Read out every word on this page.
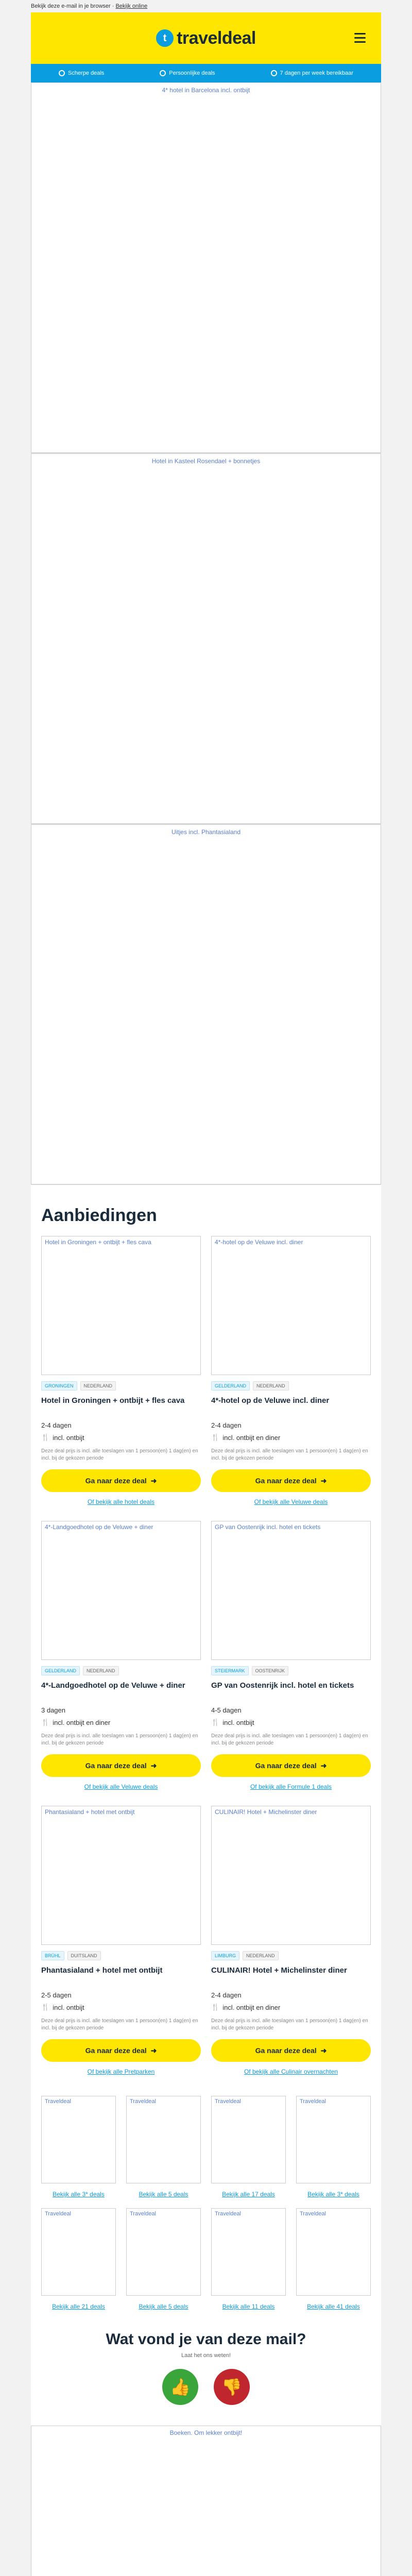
Bekijk deze e-mail in je browser · Bekijk online
t traveldeal
Scherpe deals	Persoonlijke deals	7 dagen per week bereikbaar
4* hotel in Barcelona incl. ontbijt
Hotel in Kasteel Rosendael + bonnetjes
Uitjes incl. Phantasialand
Aanbiedingen
Hotel in Groningen + ontbijt + fles cava
GRONINGEN	NEDERLAND
Hotel in Groningen + ontbijt + fles cava
2-4 dagen
🍴 incl. ontbijt
Deze deal prijs is incl. alle toeslagen van 1 persoon(en) 1 dag(en) en incl. bij de gekozen periode
Ga naar deze deal ➜
Of bekijk alle hotel deals
4*-hotel op de Veluwe incl. diner
GELDERLAND	NEDERLAND
4*-hotel op de Veluwe incl. diner
2-4 dagen
🍴 incl. ontbijt en diner
Deze deal prijs is incl. alle toeslagen van 1 persoon(en) 1 dag(en) en incl. bij de gekozen periode
Ga naar deze deal ➜
Of bekijk alle Veluwe deals
4*-Landgoedhotel op de Veluwe + diner
GELDERLAND	NEDERLAND
4*-Landgoedhotel op de Veluwe + diner
3 dagen
🍴 incl. ontbijt en diner
Deze deal prijs is incl. alle toeslagen van 1 persoon(en) 1 dag(en) en incl. bij de gekozen periode
Ga naar deze deal ➜
Of bekijk alle Veluwe deals
GP van Oostenrijk incl. hotel en tickets
STEIERMARK	OOSTENRIJK
GP van Oostenrijk incl. hotel en tickets
4-5 dagen
🍴 incl. ontbijt
Deze deal prijs is incl. alle toeslagen van 1 persoon(en) 1 dag(en) en incl. bij de gekozen periode
Ga naar deze deal ➜
Of bekijk alle Formule 1 deals
Phantasialand + hotel met ontbijt
BRÜHL	DUITSLAND
Phantasialand + hotel met ontbijt
2-5 dagen
🍴 incl. ontbijt
Deze deal prijs is incl. alle toeslagen van 1 persoon(en) 1 dag(en) en incl. bij de gekozen periode
Ga naar deze deal ➜
Of bekijk alle Pretparken
CULINAIR! Hotel + Michelinster diner
LIMBURG	NEDERLAND
CULINAIR! Hotel + Michelinster diner
2-4 dagen
🍴 incl. ontbijt en diner
Deze deal prijs is incl. alle toeslagen van 1 persoon(en) 1 dag(en) en incl. bij de gekozen periode
Ga naar deze deal ➜
Of bekijk alle Culinair overnachten
Traveldeal
Bekijk alle 3* deals
Traveldeal
Bekijk alle 5 deals
Traveldeal
Bekijk alle 17 deals
Traveldeal
Bekijk alle 3* deals
Traveldeal
Bekijk alle 21 deals
Traveldeal
Bekijk alle 5 deals
Traveldeal
Bekijk alle 11 deals
Traveldeal
Bekijk alle 41 deals
Wat vond je van deze mail?
Laat het ons weten!
👍	👎
Boeken. Om lekker ontbijt!
